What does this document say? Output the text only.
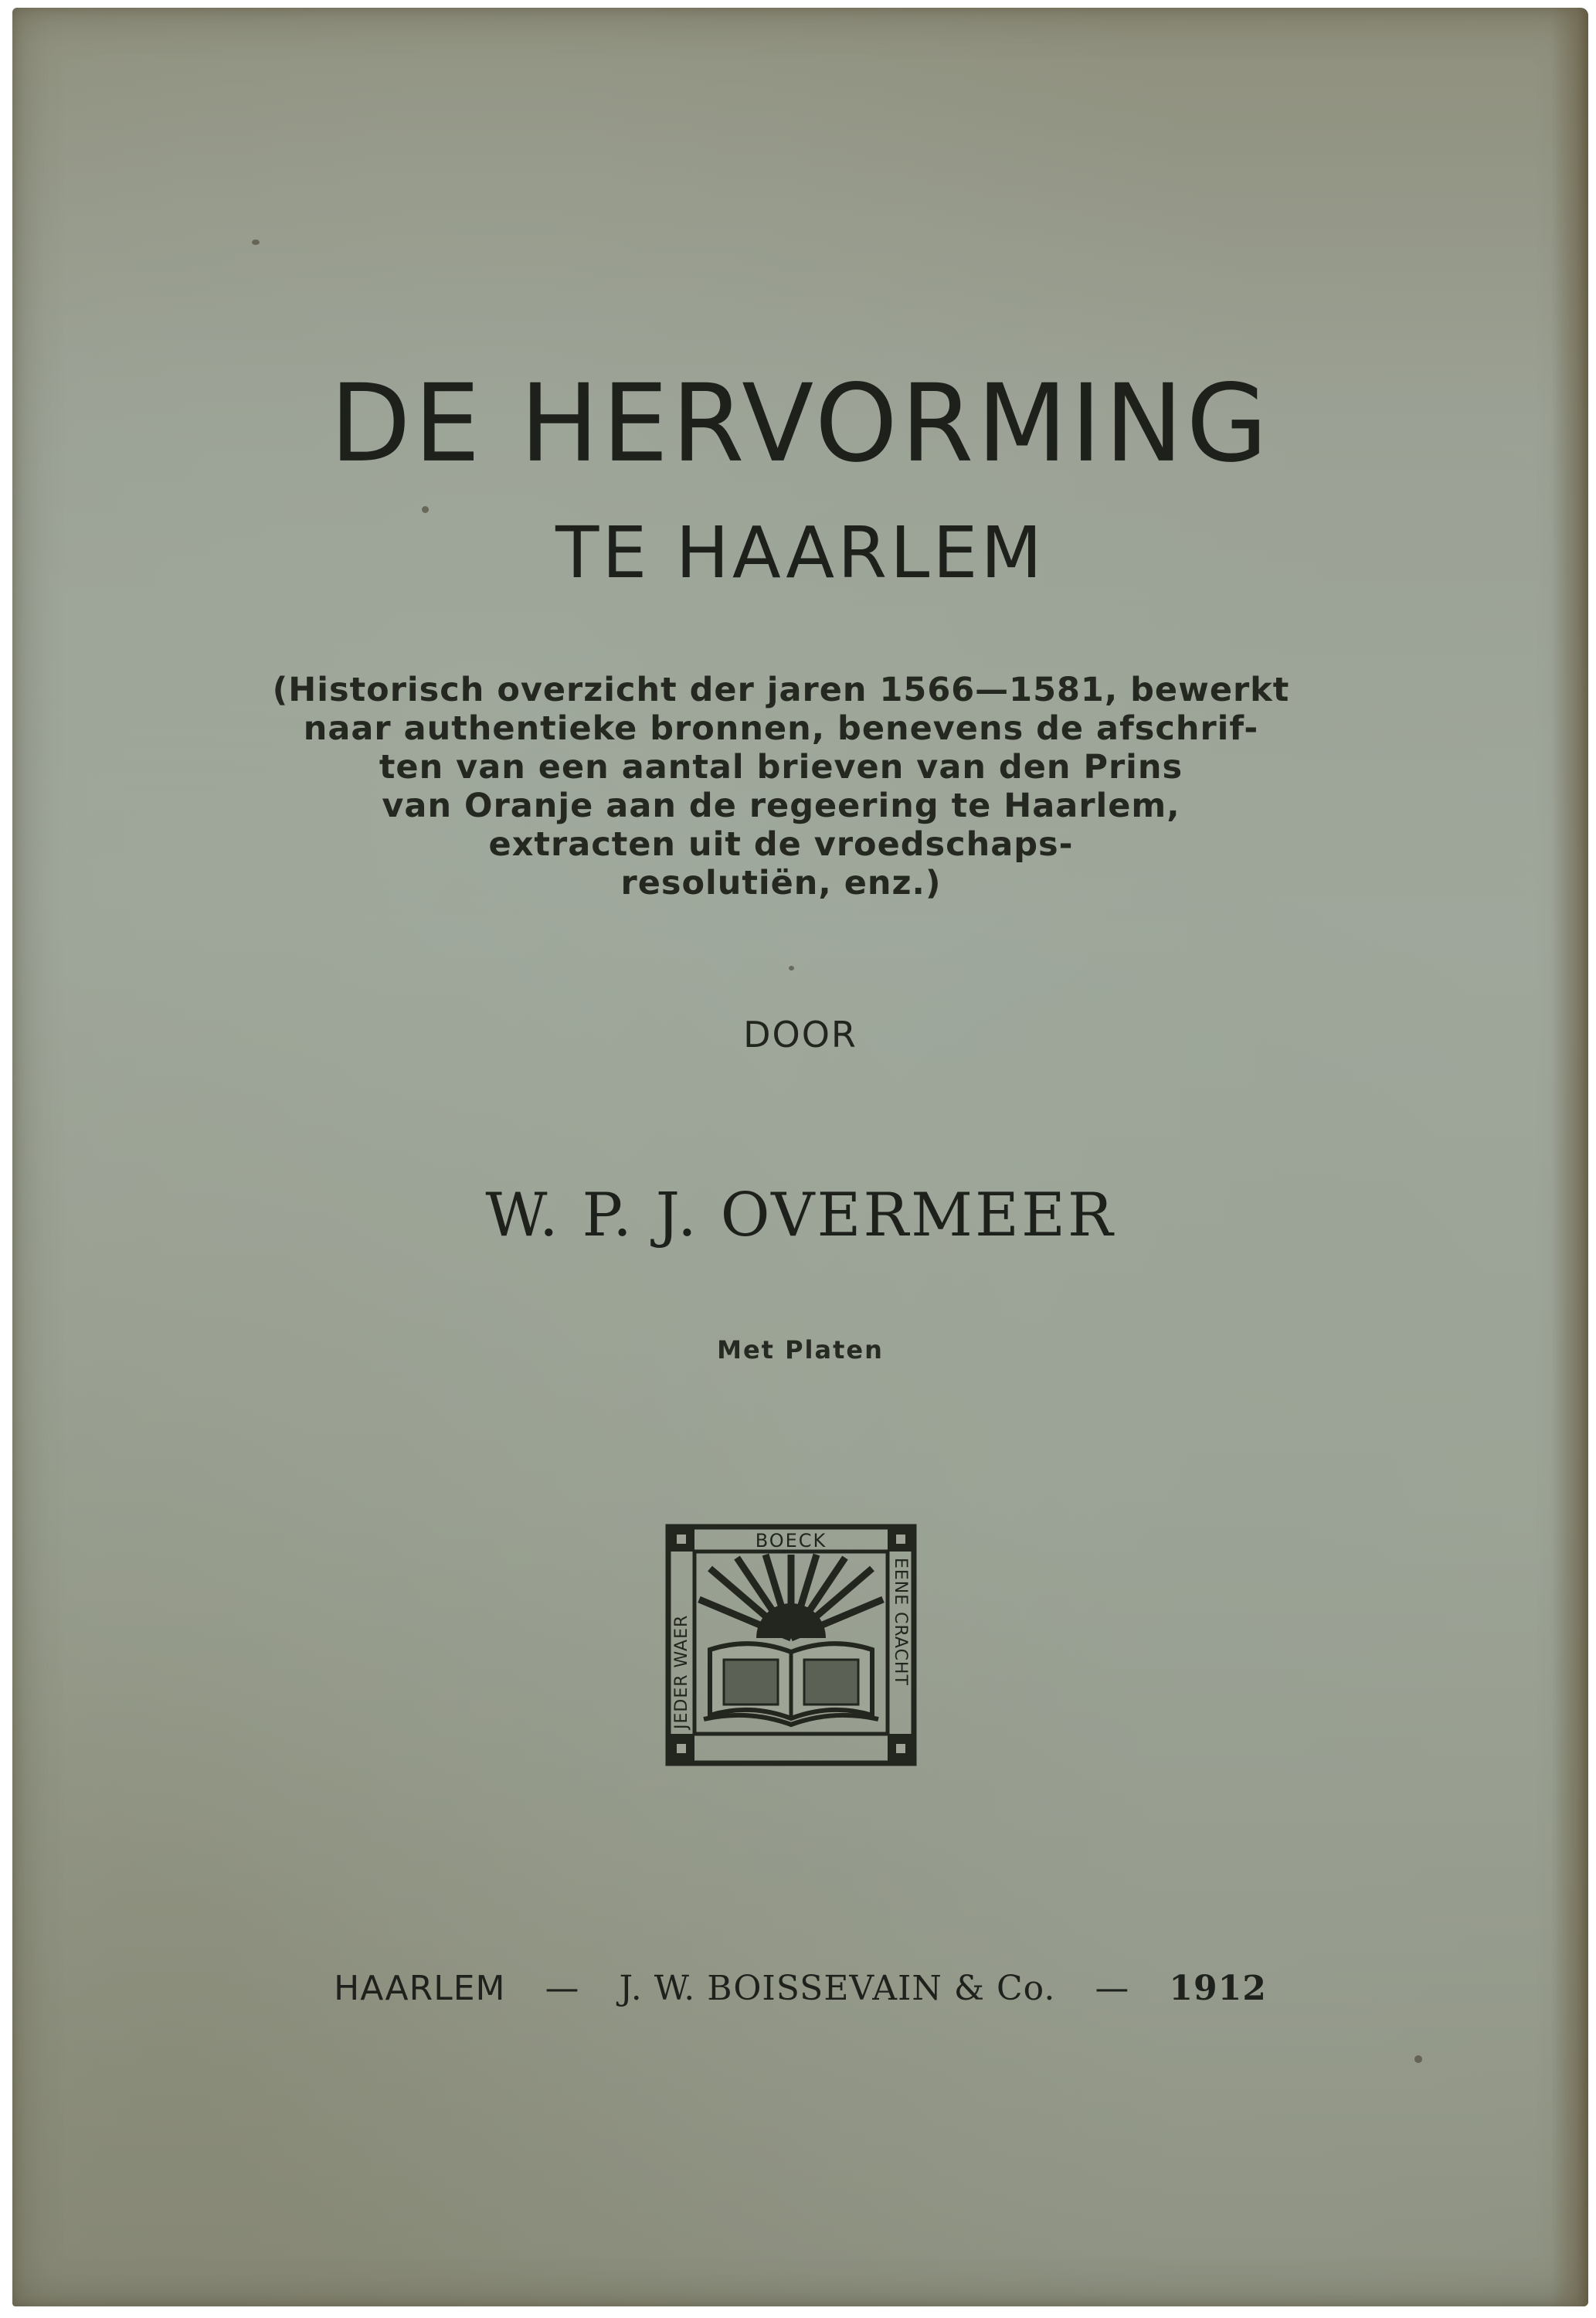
DE HERVORMING
TE HAARLEM
(Historisch overzicht der jaren 1566—1581, bewerkt
naar authentieke bronnen, benevens de afschrif-
ten van een aantal brieven van den Prins
van Oranje aan de regeering te Haarlem,
extracten uit de vroedschaps-
resolutiën, enz.)
DOOR
W. P. J. OVERMEER
Met Platen
BOECK
JEDER WAER	EENE CRACHT
HAARLEM — J. W. BOISSEVAIN & Co. — 1912
